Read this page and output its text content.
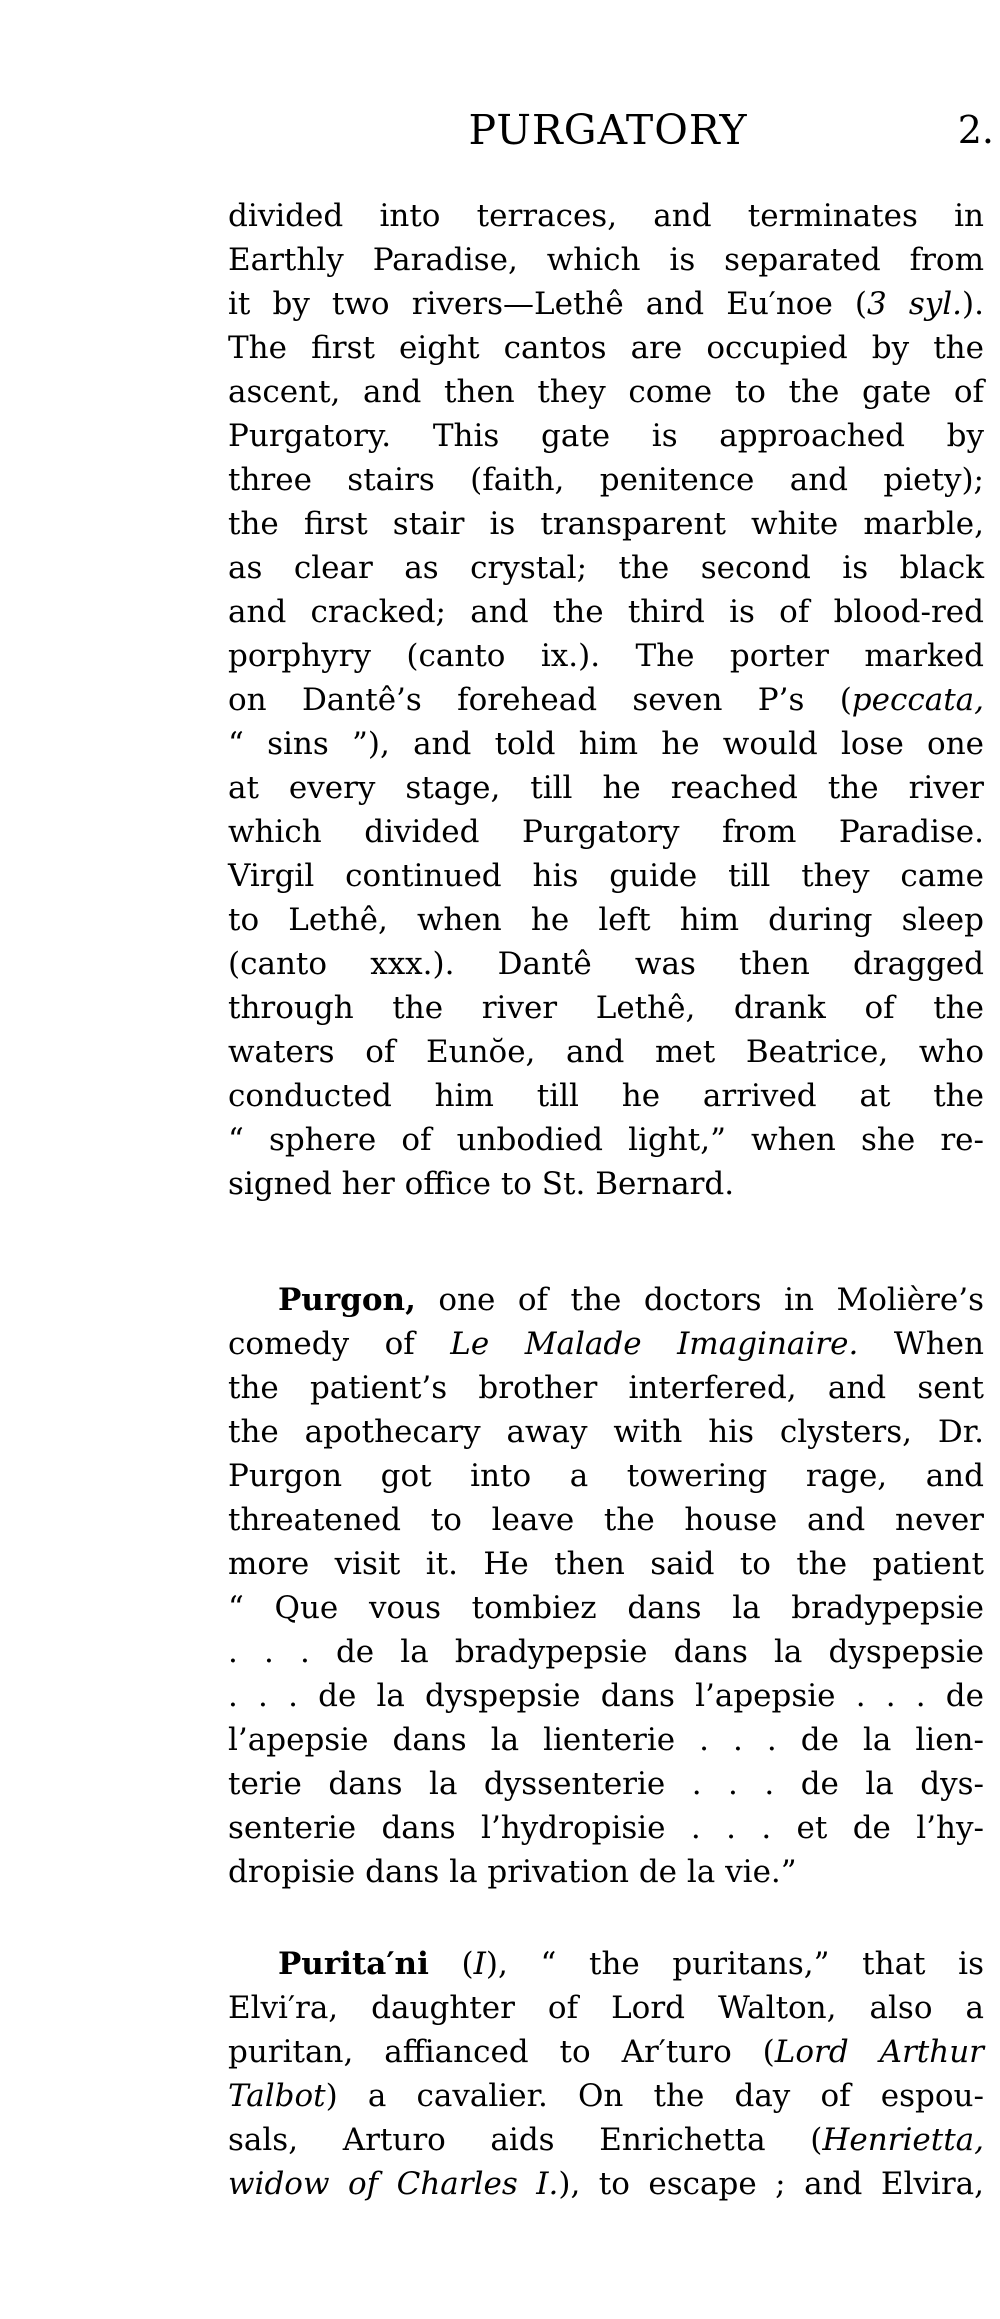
PURGATORY	2.
divided into terraces, and terminates in
Earthly Paradise, which is separated from
it by two rivers—Lethê and Eu′noe (3 syl.).
The first eight cantos are occupied by the
ascent, and then they come to the gate of
Purgatory. This gate is approached by
three stairs (faith, penitence and piety);
the first stair is transparent white marble,
as clear as crystal; the second is black
and cracked; and the third is of blood-red
porphyry (canto ix.). The porter marked
on Dantê’s forehead seven P’s (peccata,
“ sins ”), and told him he would lose one
at every stage, till he reached the river
which divided Purgatory from Paradise.
Virgil continued his guide till they came
to Lethê, when he left him during sleep
(canto xxx.). Dantê was then dragged
through the river Lethê, drank of the
waters of Eunŏe, and met Beatrice, who
conducted him till he arrived at the
“ sphere of unbodied light,” when she re-
signed her office to St. Bernard.
Purgon, one of the doctors in Molière’s
comedy of Le Malade Imaginaire. When
the patient’s brother interfered, and sent
the apothecary away with his clysters, Dr.
Purgon got into a towering rage, and
threatened to leave the house and never
more visit it. He then said to the patient
“ Que vous tombiez dans la bradypepsie
. . . de la bradypepsie dans la dyspepsie
. . . de la dyspepsie dans l’apepsie . . . de
l’apepsie dans la lienterie . . . de la lien-
terie dans la dyssenterie . . . de la dys-
senterie dans l’hydropisie . . . et de l’hy-
dropisie dans la privation de la vie.”
Purita′ni (I), “ the puritans,” that is
Elvi′ra, daughter of Lord Walton, also a
puritan, affianced to Ar′turo (Lord Arthur
Talbot) a cavalier. On the day of espou-
sals, Arturo aids Enrichetta (Henrietta,
widow of Charles I.), to escape ; and Elvira,
